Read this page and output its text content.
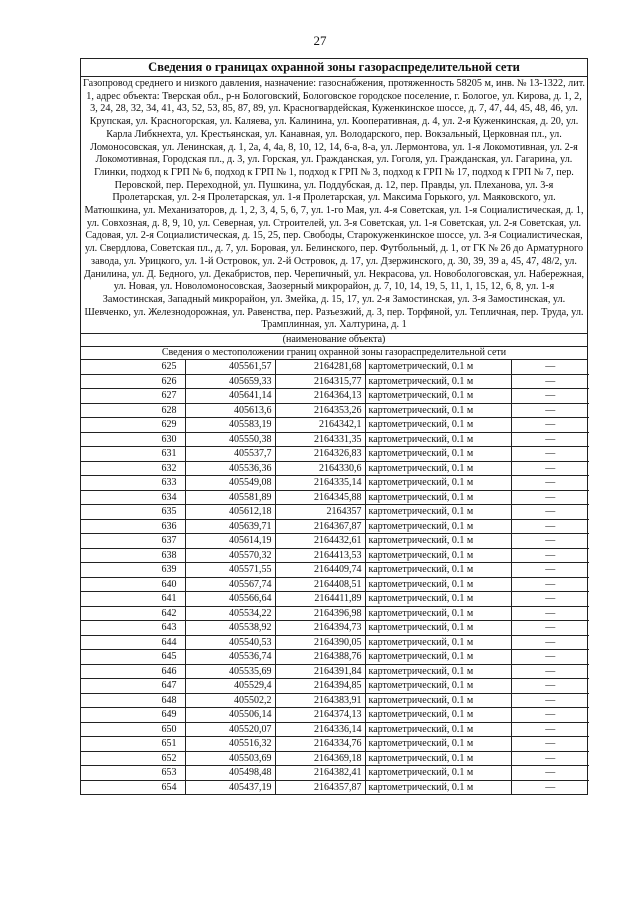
27
Сведения о границах охранной зоны газораспределительной сети
Газопровод среднего и низкого давления, назначение: газоснабжения, протяженность 58205 м, инв. № 13-1322, лит. 1, адрес объекта: Тверская обл., р-н Бологовский, Бологовское городское поселение, г. Бологое, ул. Кирова, д. 1, 2, 3, 24, 28, 32, 34, 41, 43, 52, 53, 85, 87, 89, ул. Красногвардейская, Куженкинское шоссе, д. 7, 47, 44, 45, 48, 46, ул. Крупская, ул. Красногорская, ул. Каляева, ул. Калинина, ул. Кооперативная, д. 4, ул. 2-я Куженкинская, д. 20, ул. Карла Либкнехта, ул. Крестьянская, ул. Канавная, ул. Володарского, пер. Вокзальный, Церковная пл., ул. Ломоносовская, ул. Ленинская, д. 1, 2а, 4, 4а, 8, 10, 12, 14, 6-а, 8-а, ул. Лермонтова, ул. 1-я Локомотивная, ул. 2-я Локомотивная, Городская пл., д. 3, ул. Горская, ул. Гражданская, ул. Гоголя, ул. Гражданская, ул. Гагарина, ул. Глинки, подход к ГРП № 6, подход к ГРП № 1, подход к ГРП № 3, подход к ГРП № 17, подход к ГРП № 7, пер. Перовской, пер. Переходной, ул. Пушкина, ул. Поддубская, д. 12, пер. Правды, ул. Плеханова, ул. 3-я Пролетарская, ул. 2-я Пролетарская, ул. 1-я Пролетарская, ул. Максима Горького, ул. Маяковского, ул. Матюшкина, ул. Механизаторов, д. 1, 2, 3, 4, 5, 6, 7, ул. 1-го Мая, ул. 4-я Советская, ул. 1-я Социалистическая, д. 1, ул. Совхозная, д. 8, 9, 10, ул. Северная, ул. Строителей, ул. 3-я Советская, ул. 1-я Советская, ул. 2-я Советская, ул. Садовая, ул. 2-я Социалистическая, д. 15, 25, пер. Свободы, Старокуженкинское шоссе, ул. 3-я Социалистическая, ул. Свердлова, Советская пл., д. 7, ул. Боровая, ул. Белинского, пер. Футбольный, д. 1, от ГК № 26 до Арматурного завода, ул. Урицкого, ул. 1-й Островок, ул. 2-й Островок, д. 17, ул. Дзержинского, д. 30, 39, 39 а, 45, 47, 48/2, ул. Данилина, ул. Д. Бедного, ул. Декабристов, пер. Черепичный, ул. Некрасова, ул. Новобологовская, ул. Набережная, ул. Новая, ул. Новоломоносовская, Заозерный микрорайон, д. 7, 10, 14, 19, 5, 11, 1, 15, 12, 6, 8, ул. 1-я Замостинская, Западный микрорайон, ул. Змейка, д. 15, 17, ул. 2-я Замостинская, ул. 3-я Замостинская, ул. Шевченко, ул. Железнодорожная, ул. Равенства, пер. Разъезжий, д. 3, пер. Торфяной, ул. Тепличная, пер. Труда, ул. Трамплинная, ул. Халтурина, д. 1
(наименование объекта)
Сведения о местоположении границ охранной зоны газораспределительной сети
625	405561,57	2164281,68	картометрический, 0.1 м	—
626	405659,33	2164315,77	картометрический, 0.1 м	—
627	405641,14	2164364,13	картометрический, 0.1 м	—
628	405613,6	2164353,26	картометрический, 0.1 м	—
629	405583,19	2164342,1	картометрический, 0.1 м	—
630	405550,38	2164331,35	картометрический, 0.1 м	—
631	405537,7	2164326,83	картометрический, 0.1 м	—
632	405536,36	2164330,6	картометрический, 0.1 м	—
633	405549,08	2164335,14	картометрический, 0.1 м	—
634	405581,89	2164345,88	картометрический, 0.1 м	—
635	405612,18	2164357	картометрический, 0.1 м	—
636	405639,71	2164367,87	картометрический, 0.1 м	—
637	405614,19	2164432,61	картометрический, 0.1 м	—
638	405570,32	2164413,53	картометрический, 0.1 м	—
639	405571,55	2164409,74	картометрический, 0.1 м	—
640	405567,74	2164408,51	картометрический, 0.1 м	—
641	405566,64	2164411,89	картометрический, 0.1 м	—
642	405534,22	2164396,98	картометрический, 0.1 м	—
643	405538,92	2164394,73	картометрический, 0.1 м	—
644	405540,53	2164390,05	картометрический, 0.1 м	—
645	405536,74	2164388,76	картометрический, 0.1 м	—
646	405535,69	2164391,84	картометрический, 0.1 м	—
647	405529,4	2164394,85	картометрический, 0.1 м	—
648	405502,2	2164383,91	картометрический, 0.1 м	—
649	405506,14	2164374,13	картометрический, 0.1 м	—
650	405520,07	2164336,14	картометрический, 0.1 м	—
651	405516,32	2164334,76	картометрический, 0.1 м	—
652	405503,69	2164369,18	картометрический, 0.1 м	—
653	405498,48	2164382,41	картометрический, 0.1 м	—
654	405437,19	2164357,87	картометрический, 0.1 м	—
